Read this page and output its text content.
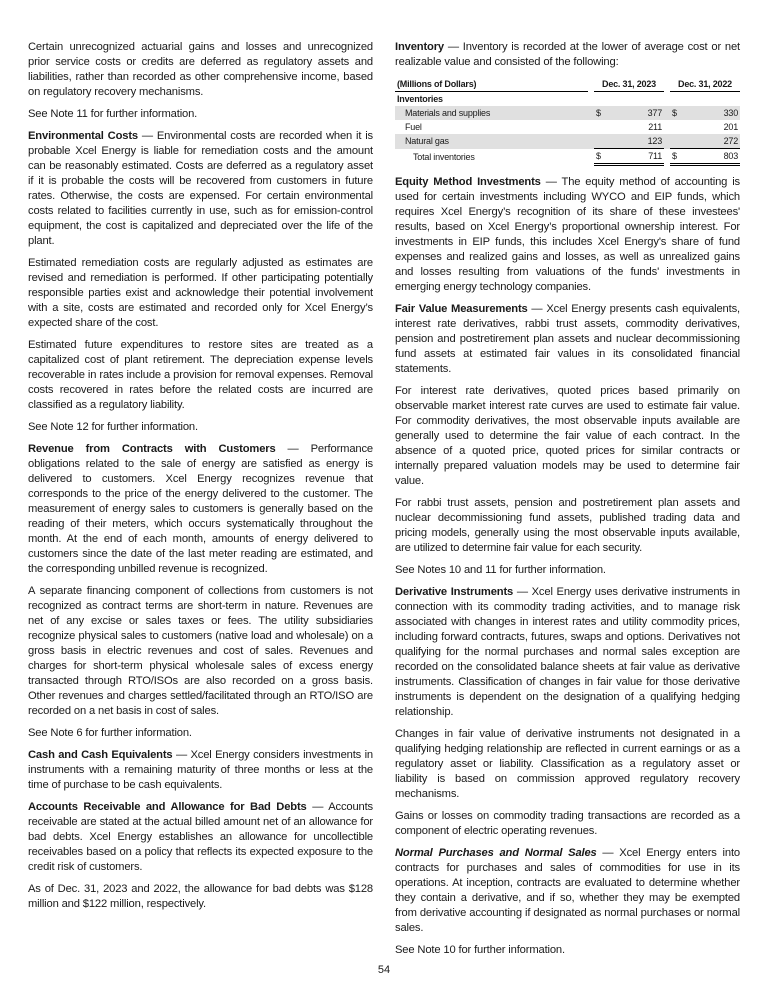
Certain unrecognized actuarial gains and losses and unrecognized prior service costs or credits are deferred as regulatory assets and liabilities, rather than recorded as other comprehensive income, based on regulatory recovery mechanisms.

See Note 11 for further information.

Environmental Costs — Environmental costs are recorded when it is probable Xcel Energy is liable for remediation costs and the amount can be reasonably estimated. Costs are deferred as a regulatory asset if it is probable the costs will be recovered from customers in future rates. Otherwise, the costs are expensed. For certain environmental costs related to facilities currently in use, such as for emission-control equipment, the cost is capitalized and depreciated over the life of the plant.

Estimated remediation costs are regularly adjusted as estimates are revised and remediation is performed. If other participating potentially responsible parties exist and acknowledge their potential involvement with a site, costs are estimated and recorded only for Xcel Energy’s expected share of the cost.

Estimated future expenditures to restore sites are treated as a capitalized cost of plant retirement. The depreciation expense levels recoverable in rates include a provision for removal expenses. Removal costs recovered in rates before the related costs are incurred are classified as a regulatory liability.

See Note 12 for further information.

Revenue from Contracts with Customers — Performance obligations related to the sale of energy are satisfied as energy is delivered to customers. Xcel Energy recognizes revenue that corresponds to the price of the energy delivered to the customer. The measurement of energy sales to customers is generally based on the reading of their meters, which occurs systematically throughout the month. At the end of each month, amounts of energy delivered to customers since the date of the last meter reading are estimated, and the corresponding unbilled revenue is recognized.

A separate financing component of collections from customers is not recognized as contract terms are short-term in nature. Revenues are net of any excise or sales taxes or fees. The utility subsidiaries recognize physical sales to customers (native load and wholesale) on a gross basis in electric revenues and cost of sales. Revenues and charges for short-term physical wholesale sales of excess energy transacted through RTO/ISOs are also recorded on a gross basis. Other revenues and charges settled/facilitated through an RTO/ISO are recorded on a net basis in cost of sales.

See Note 6 for further information.

Cash and Cash Equivalents — Xcel Energy considers investments in instruments with a remaining maturity of three months or less at the time of purchase to be cash equivalents.

Accounts Receivable and Allowance for Bad Debts — Accounts receivable are stated at the actual billed amount net of an allowance for bad debts. Xcel Energy establishes an allowance for uncollectible receivables based on a policy that reflects its expected exposure to the credit risk of customers.

As of Dec. 31, 2023 and 2022, the allowance for bad debts was $128 million and $122 million, respectively.

Inventory — Inventory is recorded at the lower of average cost or net realizable value and consisted of the following:

(Millions of Dollars)		Dec. 31, 2023			Dec. 31, 2022	
Inventories						
Materials and supplies		$	377		$	330
Fuel			211			201
Natural gas			123			272
Total inventories		$	711		$	803

Equity Method Investments — The equity method of accounting is used for certain investments including WYCO and EIP funds, which requires Xcel Energy’s recognition of its share of these investees' results, based on Xcel Energy’s proportional ownership interest. For investments in EIP funds, this includes Xcel Energy's share of fund expenses and realized gains and losses, as well as unrealized gains and losses resulting from valuations of the funds' investments in emerging energy technology companies.

Fair Value Measurements — Xcel Energy presents cash equivalents, interest rate derivatives, rabbi trust assets, commodity derivatives, pension and postretirement plan assets and nuclear decommissioning fund assets at estimated fair values in its consolidated financial statements.

For interest rate derivatives, quoted prices based primarily on observable market interest rate curves are used to estimate fair value. For commodity derivatives, the most observable inputs available are generally used to determine the fair value of each contract. In the absence of a quoted price, quoted prices for similar contracts or internally prepared valuation models may be used to determine fair value.

For rabbi trust assets, pension and postretirement plan assets and nuclear decommissioning fund assets, published trading data and pricing models, generally using the most observable inputs available, are utilized to determine fair value for each security.

See Notes 10 and 11 for further information.

Derivative Instruments — Xcel Energy uses derivative instruments in connection with its commodity trading activities, and to manage risk associated with changes in interest rates and utility commodity prices, including forward contracts, futures, swaps and options. Derivatives not qualifying for the normal purchases and normal sales exception are recorded on the consolidated balance sheets at fair value as derivative instruments. Classification of changes in fair value for those derivative instruments is dependent on the designation of a qualifying hedging relationship.

Changes in fair value of derivative instruments not designated in a qualifying hedging relationship are reflected in current earnings or as a regulatory asset or liability. Classification as a regulatory asset or liability is based on commission approved regulatory recovery mechanisms.

Gains or losses on commodity trading transactions are recorded as a component of electric operating revenues.

Normal Purchases and Normal Sales — Xcel Energy enters into contracts for purchases and sales of commodities for use in its operations. At inception, contracts are evaluated to determine whether they contain a derivative, and if so, whether they may be exempted from derivative accounting if designated as normal purchases or normal sales.

See Note 10 for further information.

54
